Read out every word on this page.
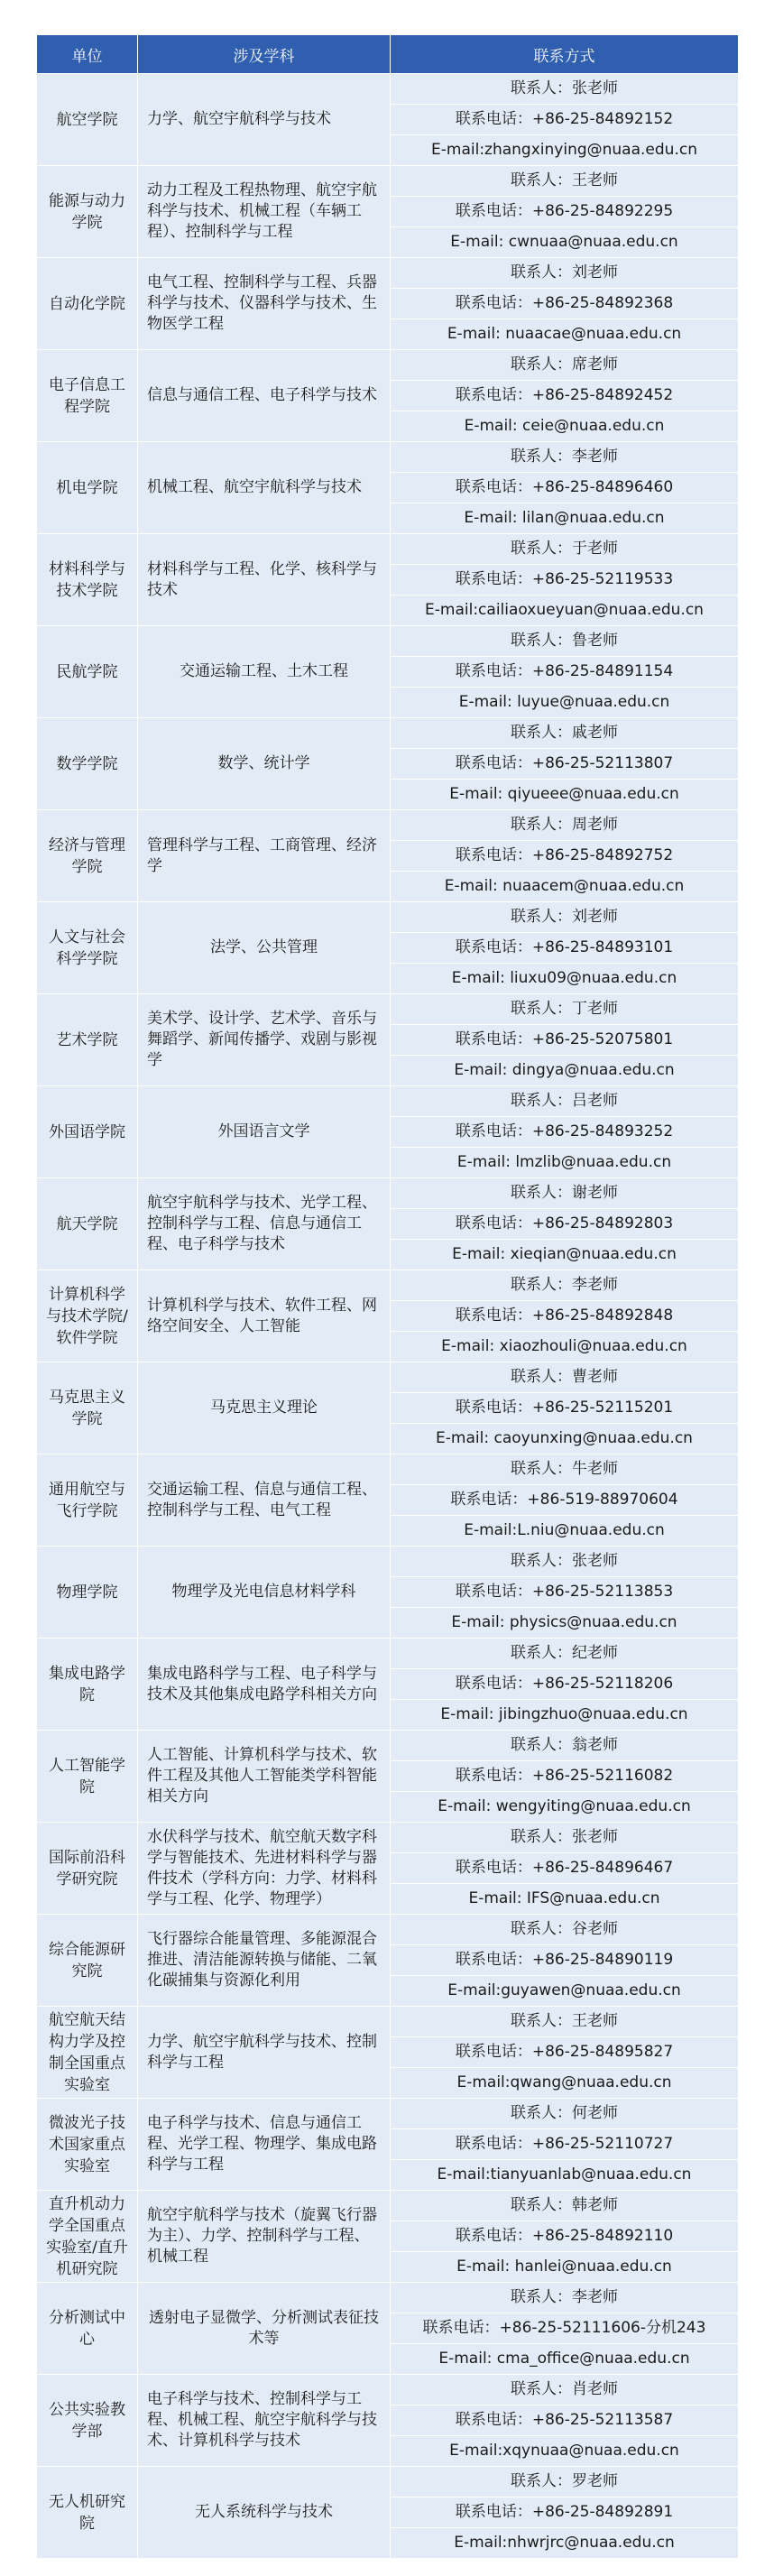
单位	涉及学科	联系方式
航空学院	力学、航空宇航科学与技术	联系人：张老师
		联系电话：+86-25-84892152
		E-mail:zhangxinying@nuaa.edu.cn
能源与动力学院	动力工程及工程热物理、航空宇航科学与技术、机械工程（车辆工程）、控制科学与工程	联系人：王老师
		联系电话：+86-25-84892295
		E-mail: cwnuaa@nuaa.edu.cn
自动化学院	电气工程、控制科学与工程、兵器科学与技术、仪器科学与技术、生物医学工程	联系人：刘老师
		联系电话：+86-25-84892368
		E-mail: nuaacae@nuaa.edu.cn
电子信息工程学院	信息与通信工程、电子科学与技术	联系人：席老师
		联系电话：+86-25-84892452
		E-mail: ceie@nuaa.edu.cn
机电学院	机械工程、航空宇航科学与技术	联系人：李老师
		联系电话：+86-25-84896460
		E-mail: lilan@nuaa.edu.cn
材料科学与技术学院	材料科学与工程、化学、核科学与技术	联系人：于老师
		联系电话：+86-25-52119533
		E-mail:cailiaoxueyuan@nuaa.edu.cn
民航学院	交通运输工程、土木工程	联系人：鲁老师
		联系电话：+86-25-84891154
		E-mail: luyue@nuaa.edu.cn
数学学院	数学、统计学	联系人：戚老师
		联系电话：+86-25-52113807
		E-mail: qiyueee@nuaa.edu.cn
经济与管理学院	管理科学与工程、工商管理、经济学	联系人：周老师
		联系电话：+86-25-84892752
		E-mail: nuaacem@nuaa.edu.cn
人文与社会科学学院	法学、公共管理	联系人：刘老师
		联系电话：+86-25-84893101
		E-mail: liuxu09@nuaa.edu.cn
艺术学院	美术学、设计学、艺术学、音乐与舞蹈学、新闻传播学、戏剧与影视学	联系人：丁老师
		联系电话：+86-25-52075801
		E-mail: dingya@nuaa.edu.cn
外国语学院	外国语言文学	联系人：吕老师
		联系电话：+86-25-84893252
		E-mail: lmzlib@nuaa.edu.cn
航天学院	航空宇航科学与技术、光学工程、控制科学与工程、信息与通信工程、电子科学与技术	联系人：谢老师
		联系电话：+86-25-84892803
		E-mail: xieqian@nuaa.edu.cn
计算机科学与技术学院/软件学院	计算机科学与技术、软件工程、网络空间安全、人工智能	联系人：李老师
		联系电话：+86-25-84892848
		E-mail: xiaozhouli@nuaa.edu.cn
马克思主义学院	马克思主义理论	联系人：曹老师
		联系电话：+86-25-52115201
		E-mail: caoyunxing@nuaa.edu.cn
通用航空与飞行学院	交通运输工程、信息与通信工程、控制科学与工程、电气工程	联系人：牛老师
		联系电话：+86-519-88970604
		E-mail:L.niu@nuaa.edu.cn
物理学院	物理学及光电信息材料学科	联系人：张老师
		联系电话：+86-25-52113853
		E-mail: physics@nuaa.edu.cn
集成电路学院	集成电路科学与工程、电子科学与技术及其他集成电路学科相关方向	联系人：纪老师
		联系电话：+86-25-52118206
		E-mail: jibingzhuo@nuaa.edu.cn
人工智能学院	人工智能、计算机科学与技术、软件工程及其他人工智能类学科智能相关方向	联系人：翁老师
		联系电话：+86-25-52116082
		E-mail: wengyiting@nuaa.edu.cn
国际前沿科学研究院	水伏科学与技术、航空航天数字科学与智能技术、先进材料科学与器件技术（学科方向：力学、材料科学与工程、化学、物理学）	联系人：张老师
		联系电话：+86-25-84896467
		E-mail: IFS@nuaa.edu.cn
综合能源研究院	飞行器综合能量管理、多能源混合推进、清洁能源转换与储能、二氧化碳捕集与资源化利用	联系人：谷老师
		联系电话：+86-25-84890119
		E-mail:guyawen@nuaa.edu.cn
航空航天结构力学及控制全国重点实验室	力学、航空宇航科学与技术、控制科学与工程	联系人：王老师
		联系电话：+86-25-84895827
		E-mail:qwang@nuaa.edu.cn
微波光子技术国家重点实验室	电子科学与技术、信息与通信工程、光学工程、物理学、集成电路科学与工程	联系人：何老师
		联系电话：+86-25-52110727
		E-mail:tianyuanlab@nuaa.edu.cn
直升机动力学全国重点实验室/直升机研究院	航空宇航科学与技术（旋翼飞行器为主）、力学、控制科学与工程、机械工程	联系人：韩老师
		联系电话：+86-25-84892110
		E-mail: hanlei@nuaa.edu.cn
分析测试中心	透射电子显微学、分析测试表征技术等	联系人：李老师
		联系电话：+86-25-52111606-分机243
		E-mail: cma_office@nuaa.edu.cn
公共实验教学部	电子科学与技术、控制科学与工程、机械工程、航空宇航科学与技术、计算机科学与技术	联系人：肖老师
		联系电话：+86-25-52113587
		E-mail:xqynuaa@nuaa.edu.cn
无人机研究院	无人系统科学与技术	联系人：罗老师
		联系电话：+86-25-84892891
		E-mail:nhwrjrc@nuaa.edu.cn
